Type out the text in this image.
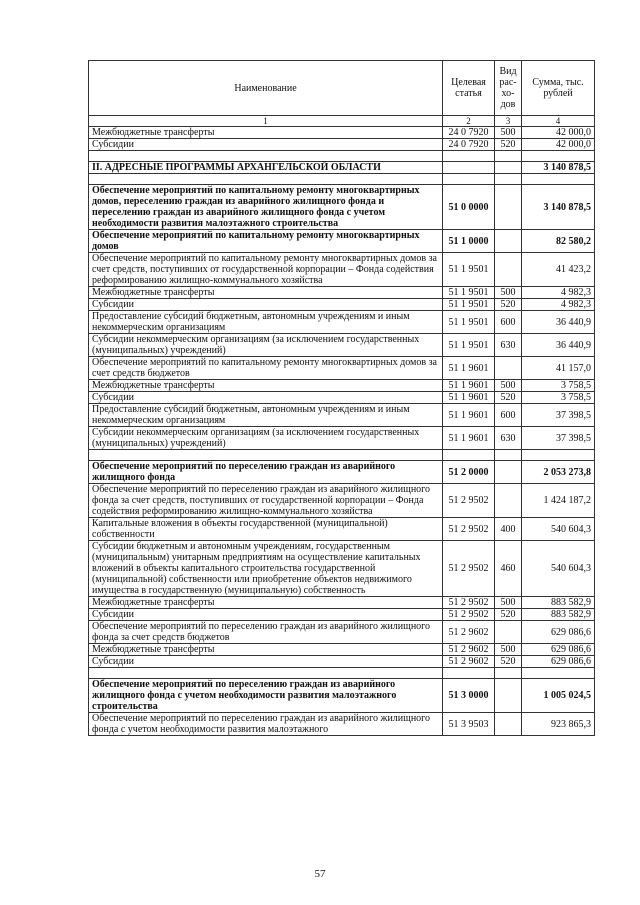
Наименование	Целевая статья	Вид рас-хо-дов	Сумма, тыс. рублей
1	2	3	4
Межбюджетные трансферты	24 0 7920	500	42 000,0
Субсидии	24 0 7920	520	42 000,0

II. АДРЕСНЫЕ ПРОГРАММЫ АРХАНГЕЛЬСКОЙ ОБЛАСТИ			3 140 878,5

Обеспечение мероприятий по капитальному ремонту многоквартирных домов, переселению граждан из аварийного жилищного фонда и переселению граждан из аварийного жилищного фонда с учетом необходимости развития малоэтажного строительства	51 0 0000		3 140 878,5
Обеспечение мероприятий по капитальному ремонту многоквартирных домов	51 1 0000		82 580,2
Обеспечение мероприятий по капитальному ремонту многоквартирных домов за счет средств, поступивших от государственной корпорации – Фонда содействия реформированию жилищно-коммунального хозяйства	51 1 9501		41 423,2
Межбюджетные трансферты	51 1 9501	500	4 982,3
Субсидии	51 1 9501	520	4 982,3
Предоставление субсидий бюджетным, автономным учреждениям и иным некоммерческим организациям	51 1 9501	600	36 440,9
Субсидии некоммерческим организациям (за исключением государственных (муниципальных) учреждений)	51 1 9501	630	36 440,9
Обеспечение мероприятий по капитальному ремонту многоквартирных домов за счет средств бюджетов	51 1 9601		41 157,0
Межбюджетные трансферты	51 1 9601	500	3 758,5
Субсидии	51 1 9601	520	3 758,5
Предоставление субсидий бюджетным, автономным учреждениям и иным некоммерческим организациям	51 1 9601	600	37 398,5
Субсидии некоммерческим организациям (за исключением государственных (муниципальных) учреждений)	51 1 9601	630	37 398,5

Обеспечение мероприятий по переселению граждан из аварийного жилищного фонда	51 2 0000		2 053 273,8
Обеспечение мероприятий по переселению граждан из аварийного жилищного фонда за счет средств, поступивших от государственной корпорации – Фонда содействия реформированию жилищно-коммунального хозяйства	51 2 9502		1 424 187,2
Капитальные вложения в объекты государственной (муниципальной) собственности	51 2 9502	400	540 604,3
Субсидии бюджетным и автономным учреждениям, государственным (муниципальным) унитарным предприятиям на осуществление капитальных вложений в объекты капитального строительства государственной (муниципальной) собственности или приобретение объектов недвижимого имущества в государственную (муниципальную) собственность	51 2 9502	460	540 604,3
Межбюджетные трансферты	51 2 9502	500	883 582,9
Субсидии	51 2 9502	520	883 582,9
Обеспечение мероприятий по переселению граждан из аварийного жилищного фонда за счет средств бюджетов	51 2 9602		629 086,6
Межбюджетные трансферты	51 2 9602	500	629 086,6
Субсидии	51 2 9602	520	629 086,6

Обеспечение мероприятий по переселению граждан из аварийного жилищного фонда с учетом необходимости развития малоэтажного строительства	51 3 0000		1 005 024,5
Обеспечение мероприятий по переселению граждан из аварийного жилищного фонда с учетом необходимости развития малоэтажного	51 3 9503		923 865,3
57
